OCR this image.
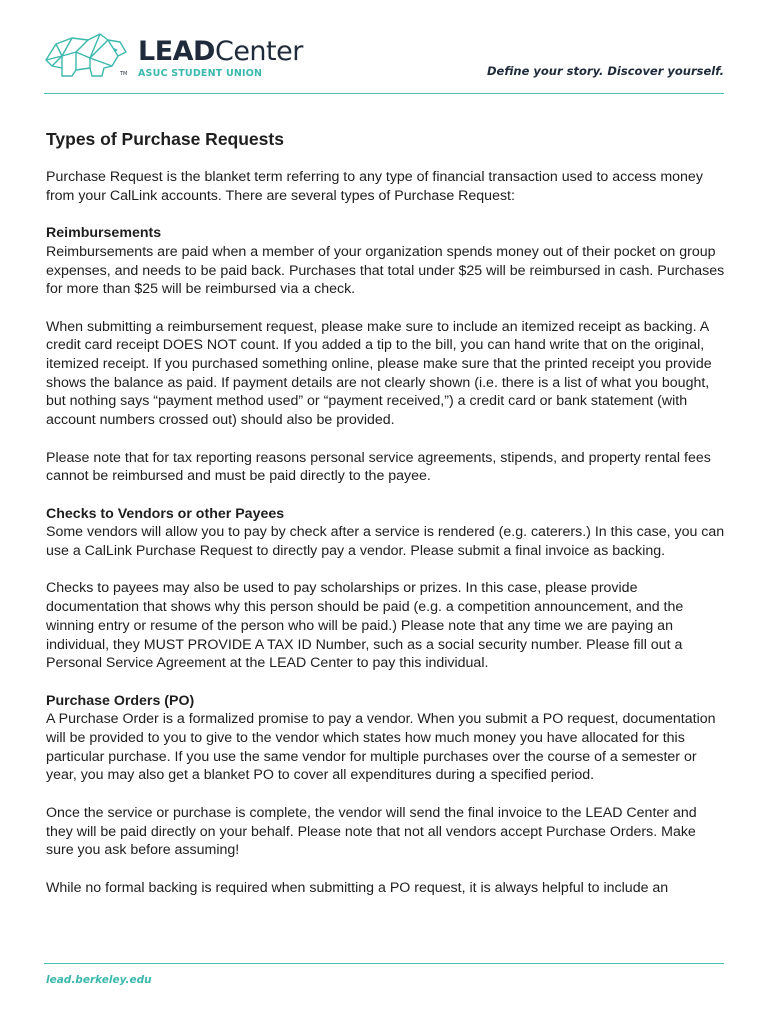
TM
LEADCenter
ASUC STUDENT UNION	Define your story. Discover yourself.
Types of Purchase Requests

Purchase Request is the blanket term referring to any type of financial transaction used to access money from your CalLink accounts. There are several types of Purchase Request:

Reimbursements

Reimbursements are paid when a member of your organization spends money out of their pocket on group expenses, and needs to be paid back. Purchases that total under $25 will be reimbursed in cash. Purchases for more than $25 will be reimbursed via a check.

When submitting a reimbursement request, please make sure to include an itemized receipt as backing. A credit card receipt DOES NOT count. If you added a tip to the bill, you can hand write that on the original, itemized receipt. If you purchased something online, please make sure that the printed receipt you provide shows the balance as paid. If payment details are not clearly shown (i.e. there is a list of what you bought, but nothing says “payment method used” or “payment received,”) a credit card or bank statement (with account numbers crossed out) should also be provided.

Please note that for tax reporting reasons personal service agreements, stipends, and property rental fees cannot be reimbursed and must be paid directly to the payee.

Checks to Vendors or other Payees

Some vendors will allow you to pay by check after a service is rendered (e.g. caterers.) In this case, you can use a CalLink Purchase Request to directly pay a vendor. Please submit a final invoice as backing.

Checks to payees may also be used to pay scholarships or prizes. In this case, please provide documentation that shows why this person should be paid (e.g. a competition announcement, and the winning entry or resume of the person who will be paid.) Please note that any time we are paying an individual, they MUST PROVIDE A TAX ID Number, such as a social security number. Please fill out a Personal Service Agreement at the LEAD Center to pay this individual.

Purchase Orders (PO)

A Purchase Order is a formalized promise to pay a vendor. When you submit a PO request, documentation will be provided to you to give to the vendor which states how much money you have allocated for this particular purchase. If you use the same vendor for multiple purchases over the course of a semester or year, you may also get a blanket PO to cover all expenditures during a specified period.

Once the service or purchase is complete, the vendor will send the final invoice to the LEAD Center and they will be paid directly on your behalf. Please note that not all vendors accept Purchase Orders. Make sure you ask before assuming!

While no formal backing is required when submitting a PO request, it is always helpful to include an

lead.berkeley.edu
